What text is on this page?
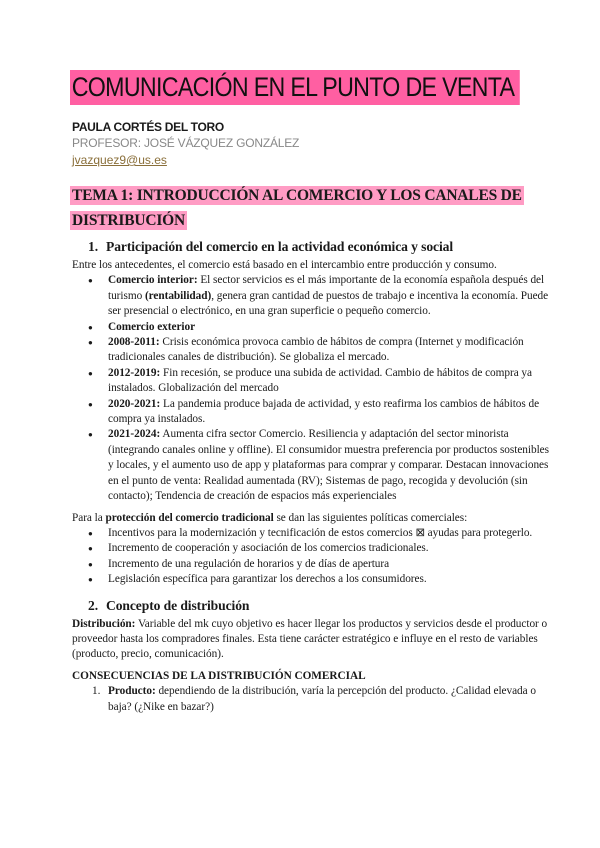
COMUNICACIÓN EN EL PUNTO DE VENTA

PAULA CORTÉS DEL TORO

PROFESOR: JOSÉ VÁZQUEZ GONZÁLEZ

jvazquez9@us.es
TEMA 1: INTRODUCCIÓN AL COMERCIO Y LOS CANALES DE DISTRIBUCIÓN
1. Participación del comercio en la actividad económica y social

Entre los antecedentes, el comercio está basado en el intercambio entre producción y consumo.

● Comercio interior: El sector servicios es el más importante de la economía española después del turismo (rentabilidad), genera gran cantidad de puestos de trabajo e incentiva la economía. Puede ser presencial o electrónico, en una gran superficie o pequeño comercio.
● Comercio exterior
● 2008-2011: Crisis económica provoca cambio de hábitos de compra (Internet y modificación tradicionales canales de distribución). Se globaliza el mercado.
● 2012-2019: Fin recesión, se produce una subida de actividad. Cambio de hábitos de compra ya instalados. Globalización del mercado
● 2020-2021: La pandemia produce bajada de actividad, y esto reafirma los cambios de hábitos de compra ya instalados.
● 2021-2024: Aumenta cifra sector Comercio. Resiliencia y adaptación del sector minorista (integrando canales online y offline). El consumidor muestra preferencia por productos sostenibles y locales, y el aumento uso de app y plataformas para comprar y comparar. Destacan innovaciones en el punto de venta: Realidad aumentada (RV); Sistemas de pago, recogida y devolución (sin contacto); Tendencia de creación de espacios más experienciales

Para la protección del comercio tradicional se dan las siguientes políticas comerciales:

● Incentivos para la modernización y tecnificación de estos comercios ⊠ ayudas para protegerlo.
● Incremento de cooperación y asociación de los comercios tradicionales.
● Incremento de una regulación de horarios y de días de apertura
● Legislación específica para garantizar los derechos a los consumidores.
2. Concepto de distribución

Distribución: Variable del mk cuyo objetivo es hacer llegar los productos y servicios desde el productor o proveedor hasta los compradores finales. Esta tiene carácter estratégico e influye en el resto de variables (producto, precio, comunicación).

CONSECUENCIAS DE LA DISTRIBUCIÓN COMERCIAL

1. Producto: dependiendo de la distribución, varía la percepción del producto. ¿Calidad elevada o baja? (¿Nike en bazar?)
